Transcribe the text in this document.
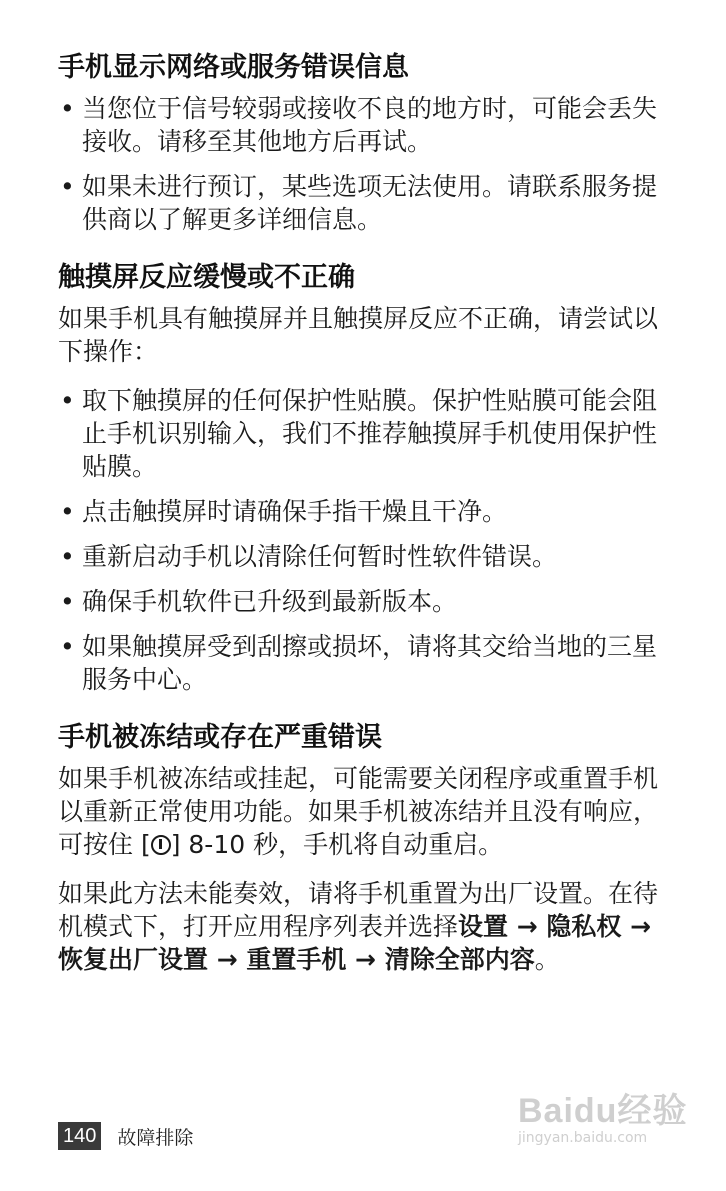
手机显示网络或服务错误信息
• 当您位于信号较弱或接收不良的地方时，可能会丢失接收。请移至其他地方后再试。
• 如果未进行预订，某些选项无法使用。请联系服务提供商以了解更多详细信息。
触摸屏反应缓慢或不正确

如果手机具有触摸屏并且触摸屏反应不正确，请尝试以下操作：

• 取下触摸屏的任何保护性贴膜。保护性贴膜可能会阻止手机识别输入，我们不推荐触摸屏手机使用保护性贴膜。
• 点击触摸屏时请确保手指干燥且干净。
• 重新启动手机以清除任何暂时性软件错误。
• 确保手机软件已升级到最新版本。
• 如果触摸屏受到刮擦或损坏，请将其交给当地的三星服务中心。
手机被冻结或存在严重错误

如果手机被冻结或挂起，可能需要关闭程序或重置手机以重新正常使用功能。如果手机被冻结并且没有响应，可按住 [ ] 8-10 秒，手机将自动重启。

如果此方法未能奏效，请将手机重置为出厂设置。在待机模式下，打开应用程序列表并选择设置 → 隐私权 → 恢复出厂设置 → 重置手机 → 清除全部内容。

140 故障排除
Baidu经验
jingyan.baidu.com
